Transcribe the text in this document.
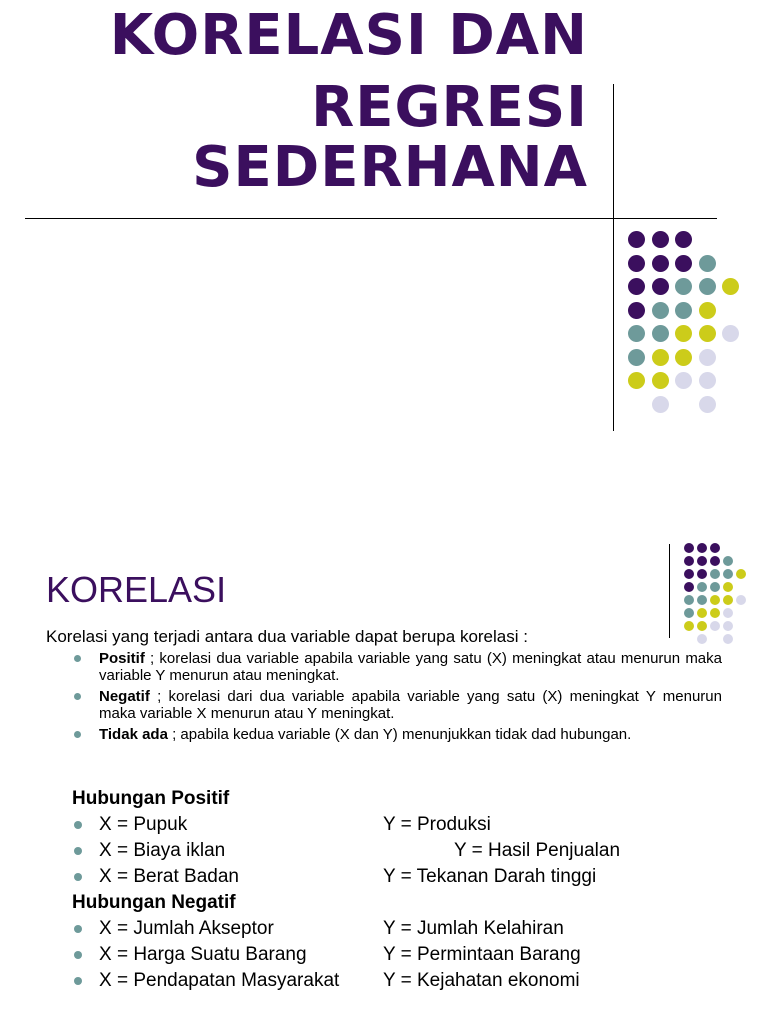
KORELASI DAN
REGRESI
SEDERHANA
KORELASI
Korelasi yang terjadi antara dua variable dapat berupa korelasi :
Positif ; korelasi dua variable apabila variable yang satu (X) meningkat atau menurun maka variable Y menurun atau meningkat.
Negatif ; korelasi dari dua variable apabila variable yang satu (X) meningkat Y menurun maka variable X menurun atau Y meningkat.
Tidak ada ; apabila kedua variable (X dan Y) menunjukkan tidak dad hubungan.
Hubungan Positif
X = Pupuk	Y = Produksi
X = Biaya iklan	Y = Hasil Penjualan
X = Berat Badan	Y = Tekanan Darah tinggi
Hubungan Negatif
X = Jumlah Akseptor	Y = Jumlah Kelahiran
X = Harga Suatu Barang	Y = Permintaan Barang
X = Pendapatan Masyarakat Y = Kejahatan ekonomi
